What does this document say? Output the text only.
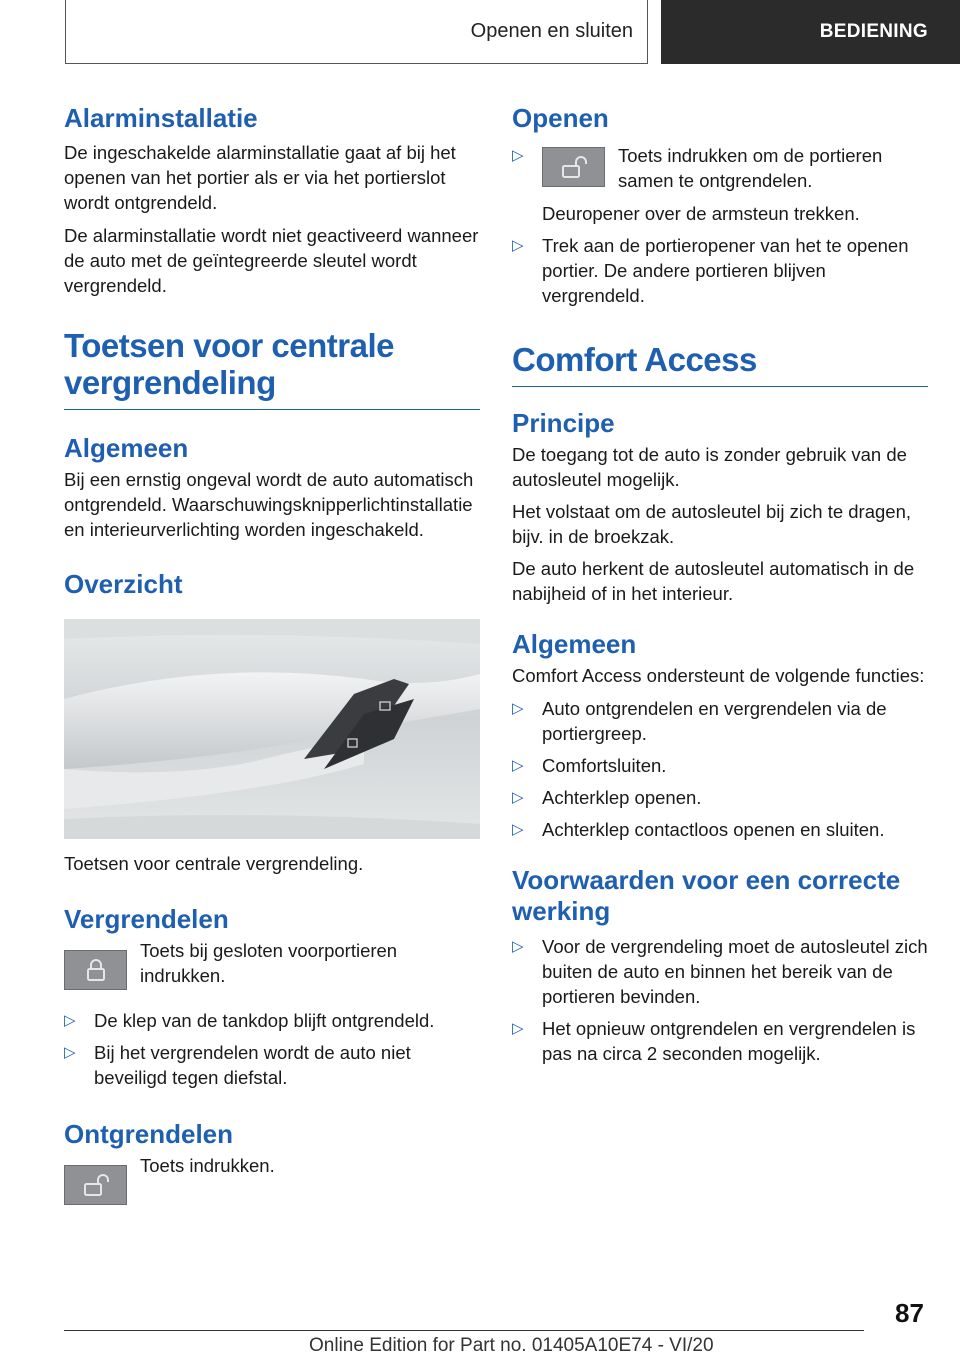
Openen en sluiten	BEDIENING
Alarminstallatie

De ingeschakelde alarminstallatie gaat af bij het openen van het portier als er via het portierslot wordt ontgrendeld.

De alarminstallatie wordt niet geactiveerd wanneer de auto met de geïntegreerde sleutel wordt vergrendeld.

Toetsen voor centrale vergrendeling
Algemeen

Bij een ernstig ongeval wordt de auto automatisch ontgrendeld. Waarschuwingsknipperlichtinstallatie en interieurverlichting worden ingeschakeld.

Overzicht

Toetsen voor centrale vergrendeling.

Vergrendelen

Toets bij gesloten voorportieren indrukken.

▷ De klep van de tankdop blijft ontgrendeld.

▷ Bij het vergrendelen wordt de auto niet beveiligd tegen diefstal.

Ontgrendelen

Toets indrukken.

Openen
▷	Toets indrukken om de portieren samen te ontgrendelen.

Deuropener over de armsteun trekken.

▷ Trek aan de portieropener van het te openen portier. De andere portieren blijven vergrendeld.

Comfort Access
Principe

De toegang tot de auto is zonder gebruik van de autosleutel mogelijk.

Het volstaat om de autosleutel bij zich te dragen, bijv. in de broekzak.

De auto herkent de autosleutel automatisch in de nabijheid of in het interieur.

Algemeen

Comfort Access ondersteunt de volgende functies:

▷ Auto ontgrendelen en vergrendelen via de portiergreep.

▷ Comfortsluiten.

▷ Achterklep openen.

▷ Achterklep contactloos openen en sluiten.

Voorwaarden voor een correcte werking
▷ Voor de vergrendeling moet de autosleutel zich buiten de auto en binnen het bereik van de portieren bevinden.

▷ Het opnieuw ontgrendelen en vergrendelen is pas na circa 2 seconden mogelijk.

87
Online Edition for Part no. 01405A10E74 - VI/20
